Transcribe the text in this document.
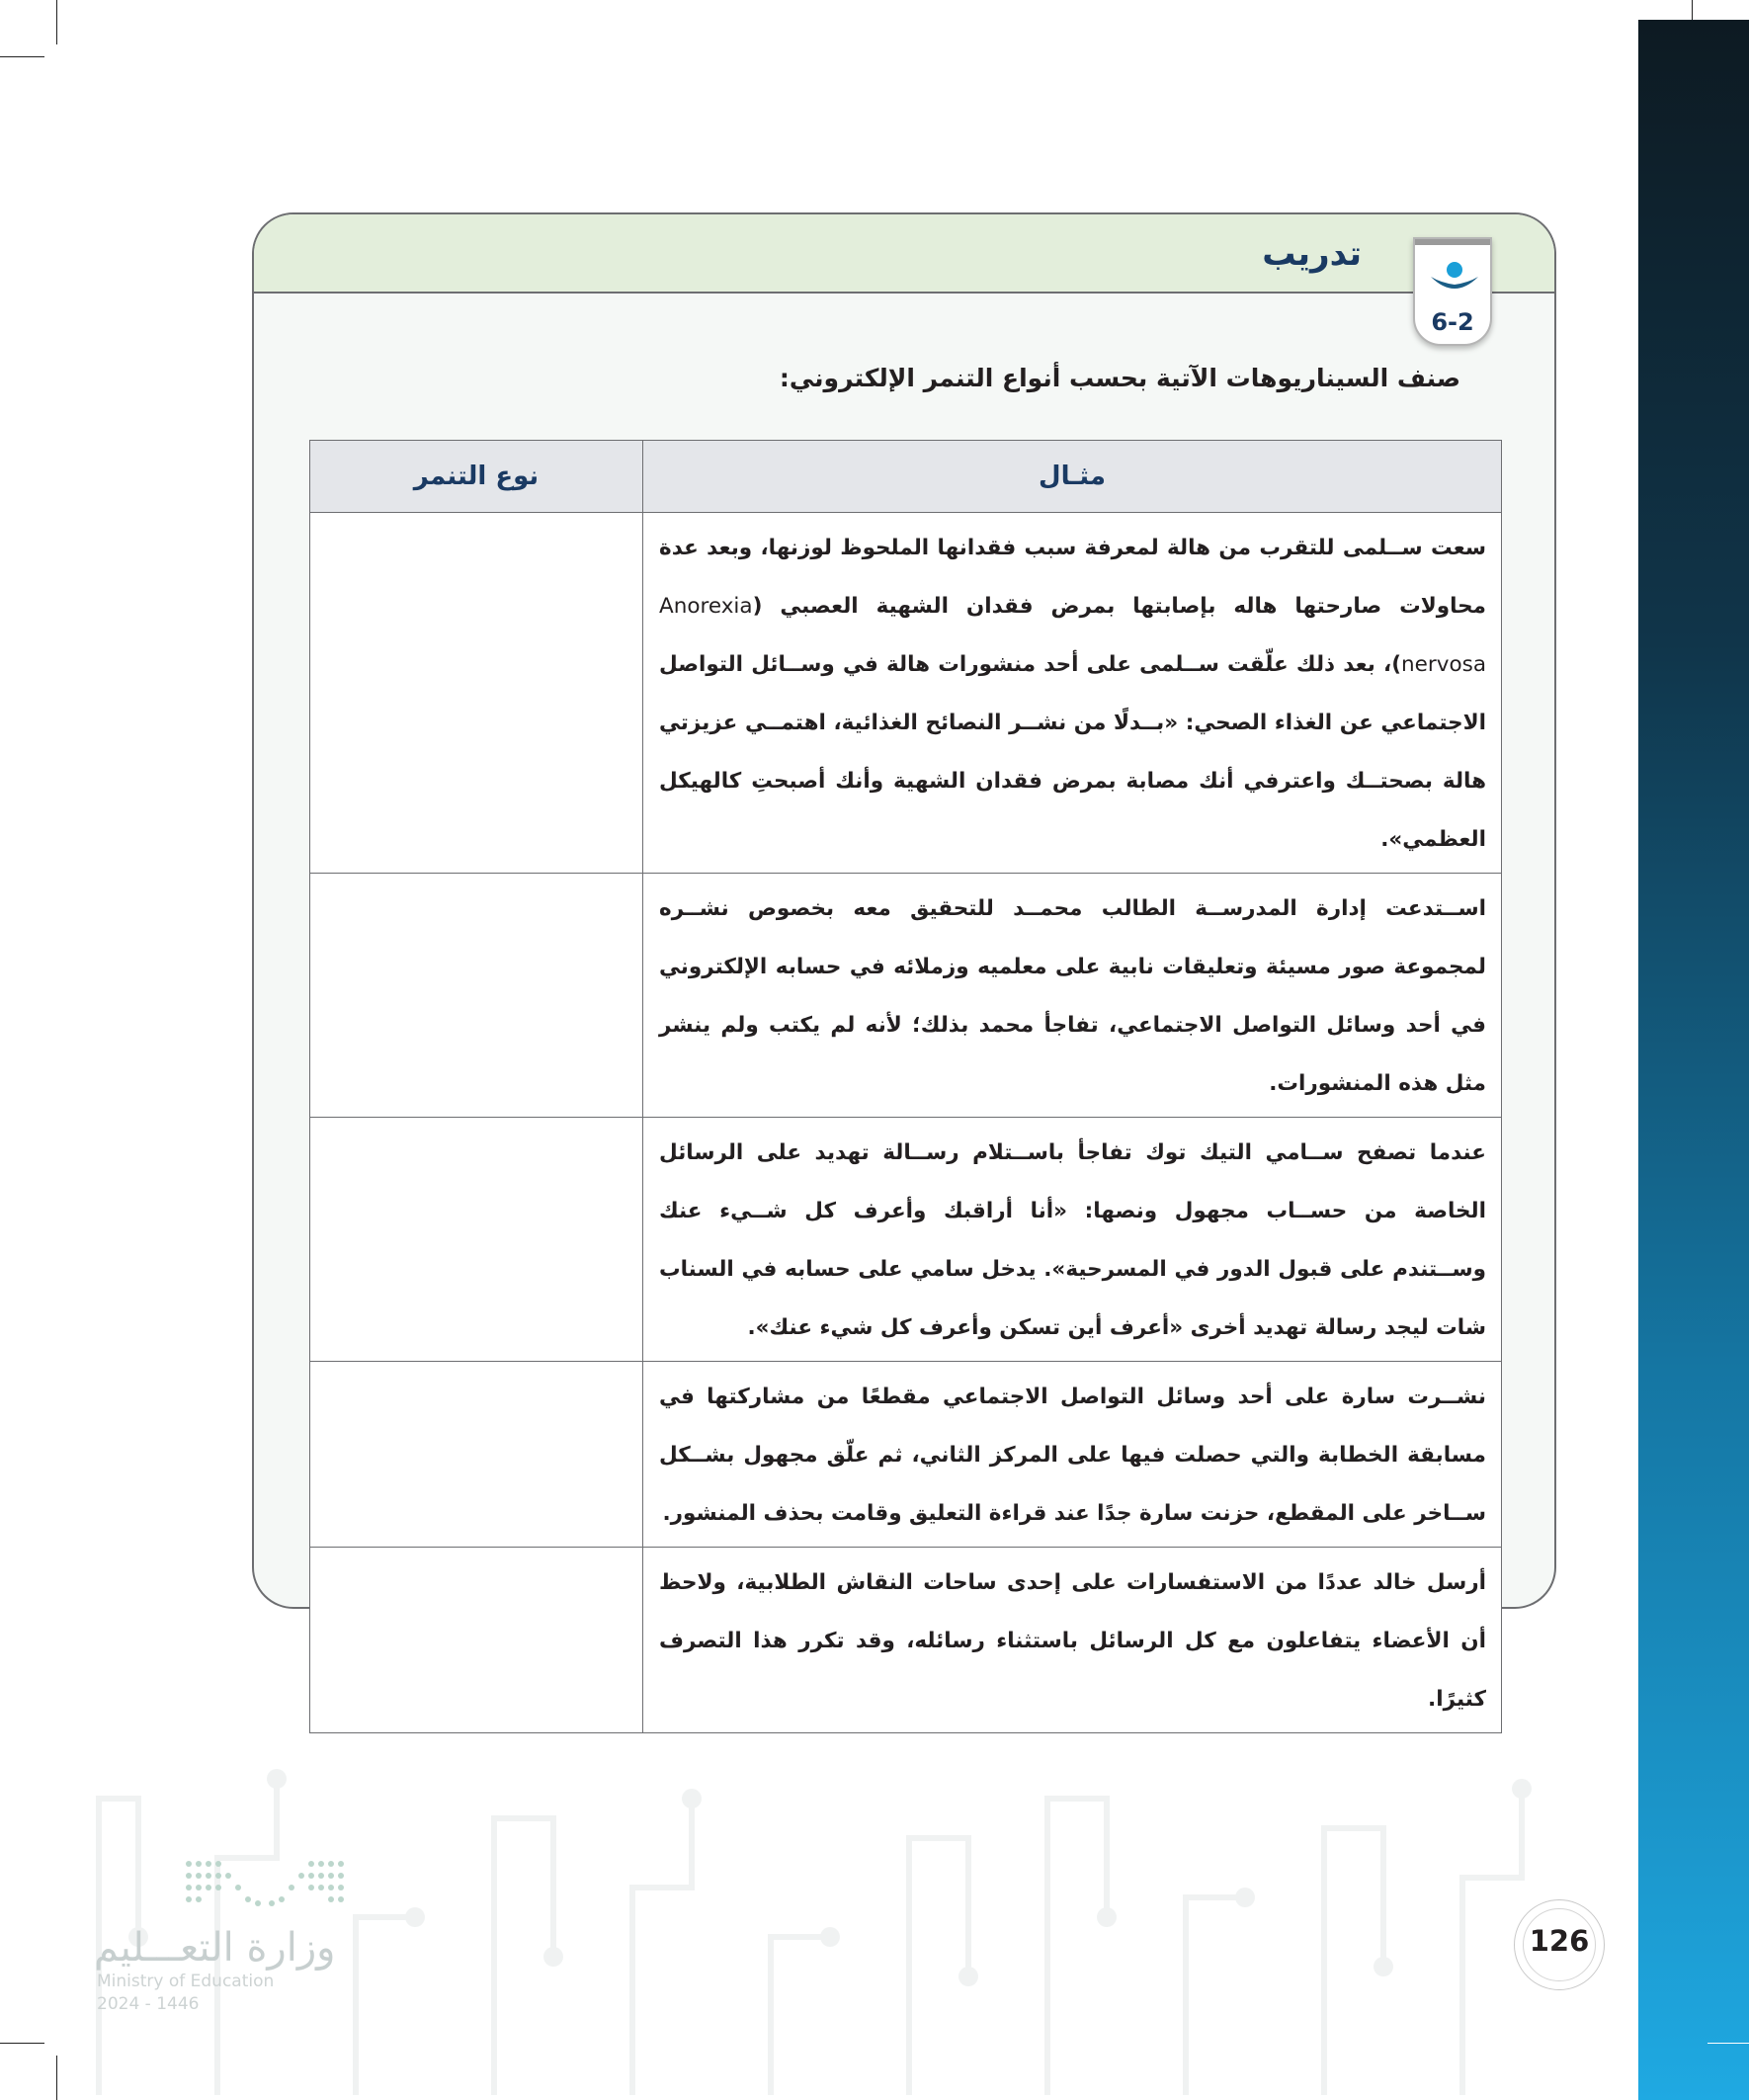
تدريب
6-2

صنف السيناريوهات الآتية بحسب أنواع التنمر الإلكتروني:

مثـال	نوع التنمر
سعت ســلمى للتقرب من هالة لمعرفة سبب فقدانها الملحوظ لوزنها، وبعد عدة محاولات صارحتها هاله بإصابتها بمرض فقدان الشهية العصبي (Anorexia nervosa)، بعد ذلك علّقت ســلمى على أحد منشورات هالة في وســائل التواصل الاجتماعي عن الغذاء الصحي: «بــدلًا من نشــر النصائح الغذائية، اهتمــي عزيزتي هالة بصحتــك واعترفي أنك مصابة بمرض فقدان الشهية وأنك أصبحتِ كالهيكل العظمي».	
اســتدعت إدارة المدرســة الطالب محمــد للتحقيق معه بخصوص نشــره لمجموعة صور مسيئة وتعليقات نابية على معلميه وزملائه في حسابه الإلكتروني في أحد وسائل التواصل الاجتماعي، تفاجأ محمد بذلك؛ لأنه لم يكتب ولم ينشر مثل هذه المنشورات.	
عندما تصفح ســامي التيك توك تفاجأ باســتلام رســالة تهديد على الرسائل الخاصة من حســاب مجهول ونصها: «أنا أراقبك وأعرف كل شــيء عنك وســتندم على قبول الدور في المسرحية». يدخل سامي على حسابه في السناب شات ليجد رسالة تهديد أخرى «أعرف أين تسكن وأعرف كل شيء عنك».	
نشــرت سارة على أحد وسائل التواصل الاجتماعي مقطعًا من مشاركتها في مسابقة الخطابة والتي حصلت فيها على المركز الثاني، ثم علّق مجهول بشــكل ســاخر على المقطع، حزنت سارة جدًا عند قراءة التعليق وقامت بحذف المنشور.	
أرسل خالد عددًا من الاستفسارات على إحدى ساحات النقاش الطلابية، ولاحظ أن الأعضاء يتفاعلون مع كل الرسائل باستثناء رسائله، وقد تكرر هذا التصرف كثيرًا.	

وزارة التعـــليم

Ministry of Education

2024 - 1446

126
